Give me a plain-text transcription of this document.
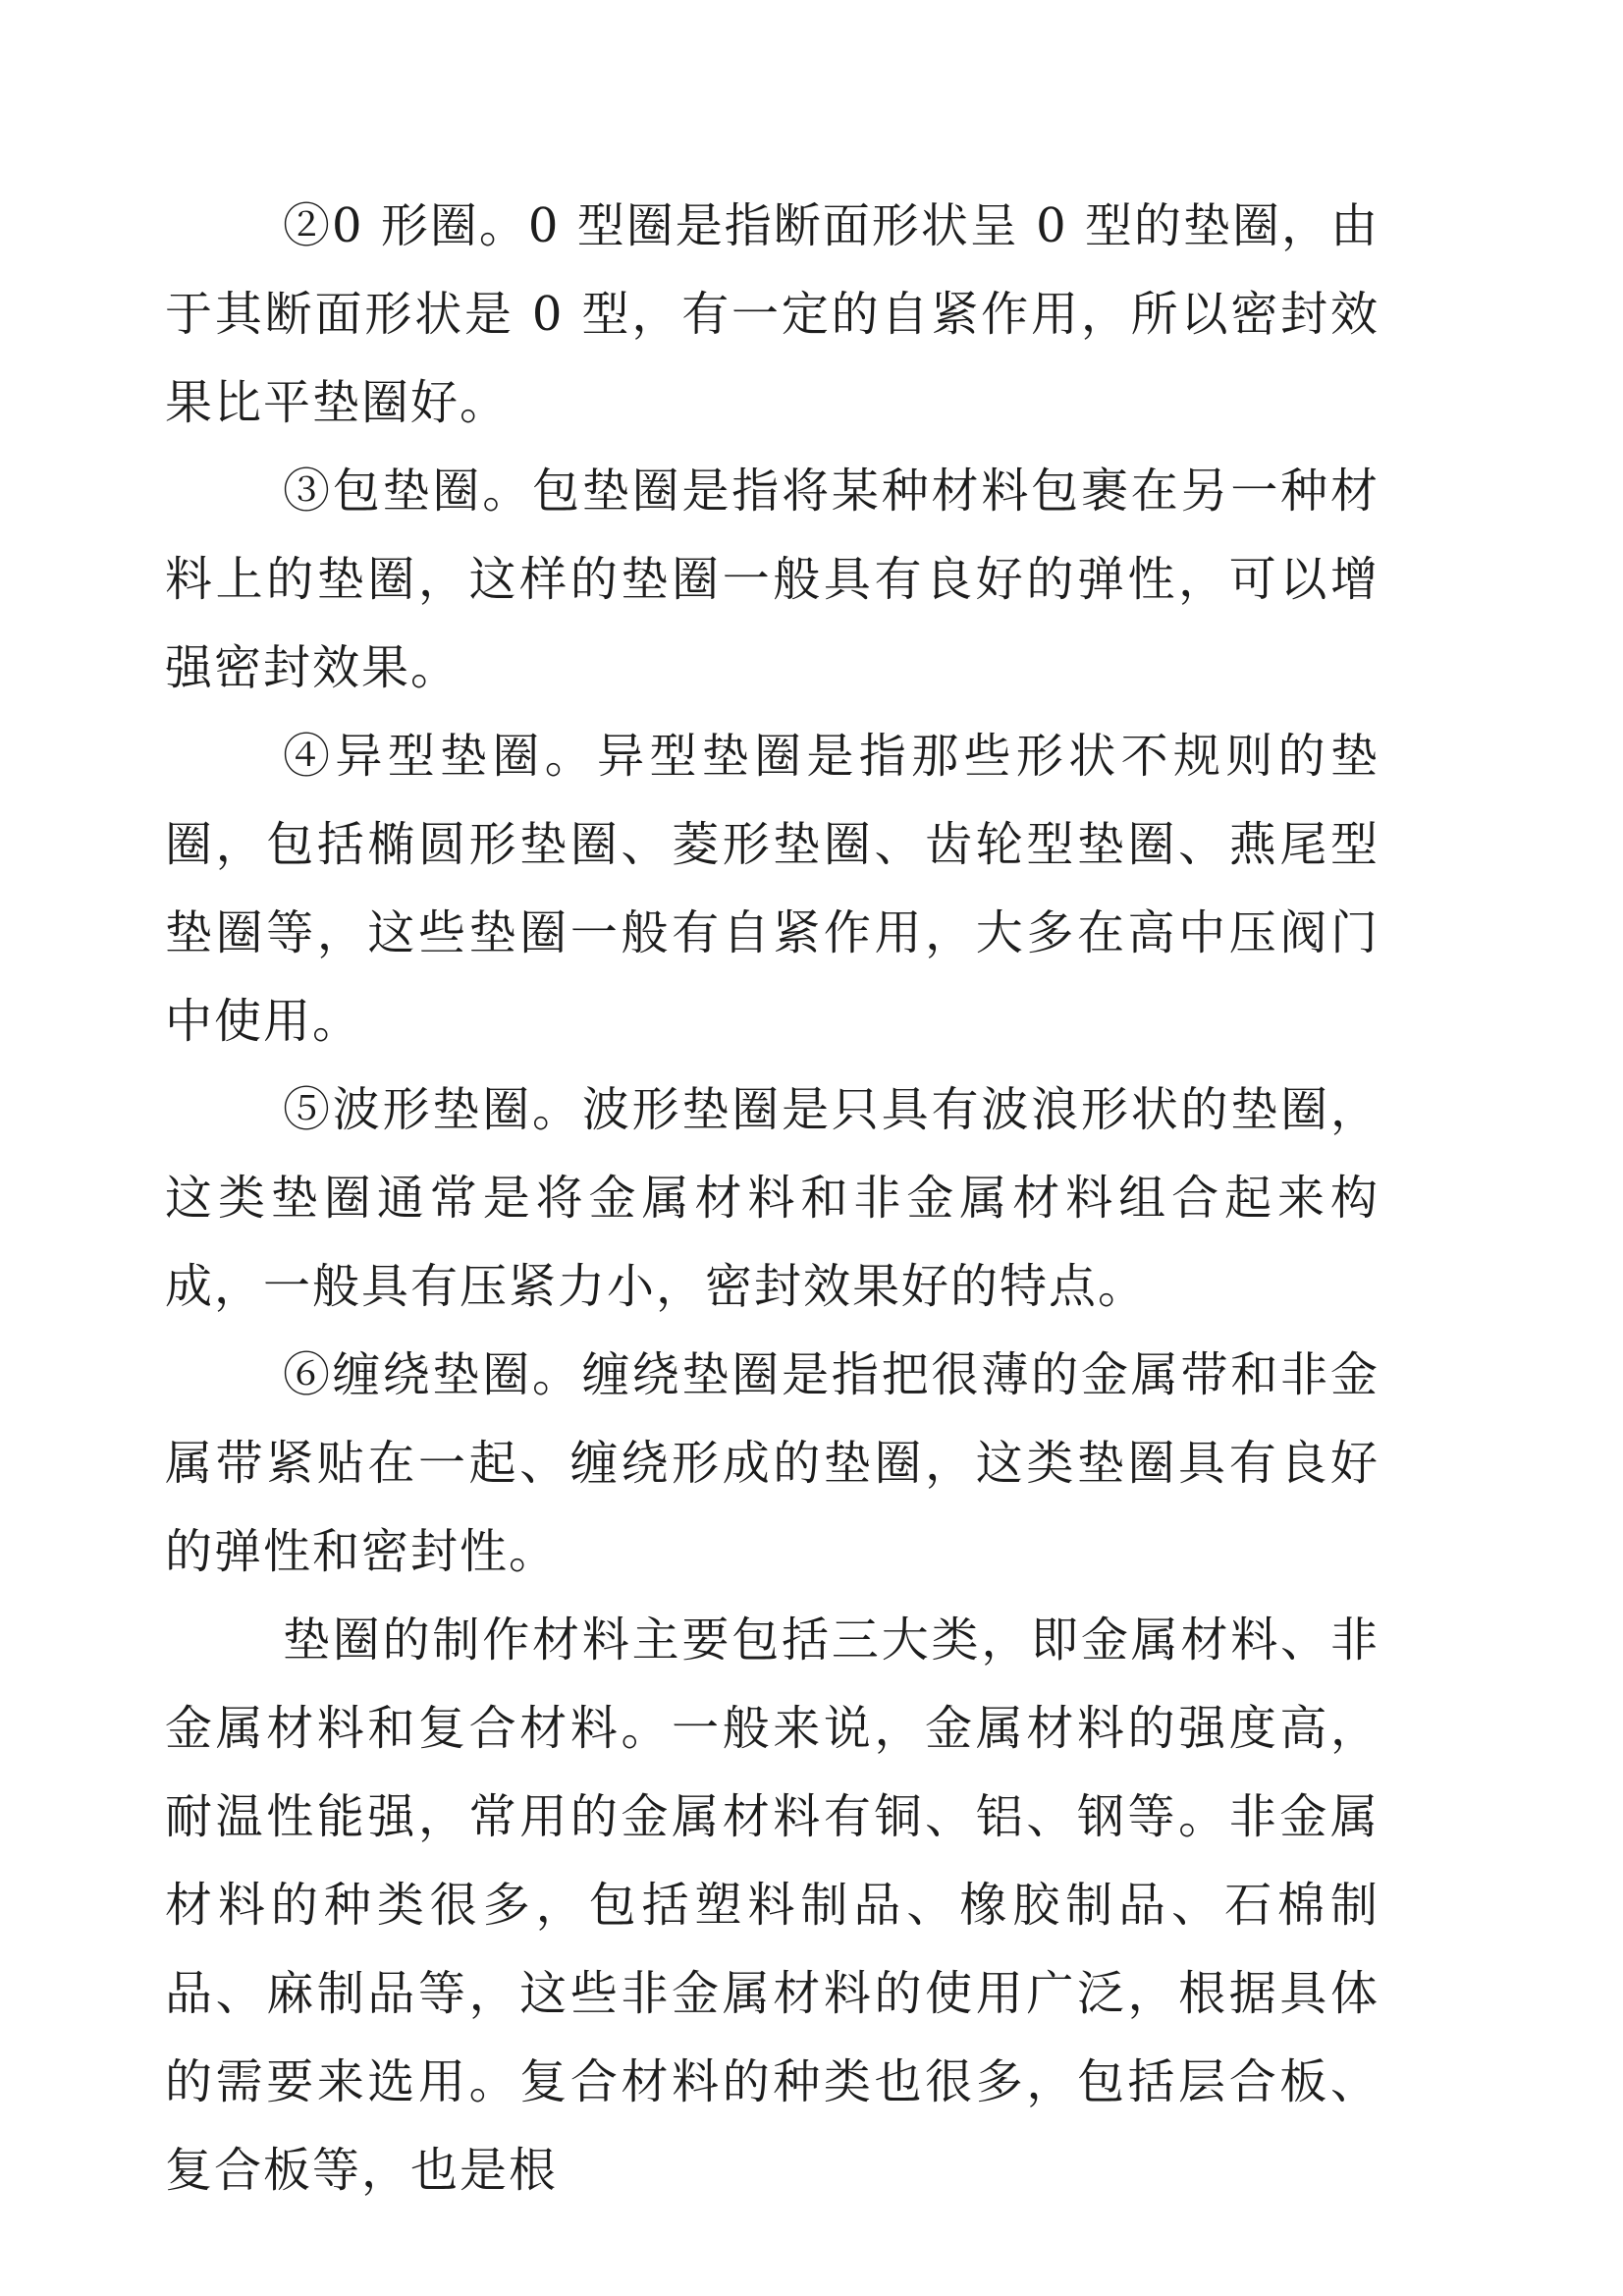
②0 形圈。0 型圈是指断面形状呈 0 型的垫圈，由于其断面形状是 0 型，有一定的自紧作用，所以密封效果比平垫圈好。

③包垫圈。包垫圈是指将某种材料包裹在另一种材料上的垫圈，这样的垫圈一般具有良好的弹性，可以增强密封效果。

④异型垫圈。异型垫圈是指那些形状不规则的垫圈，包括椭圆形垫圈、菱形垫圈、齿轮型垫圈、燕尾型垫圈等，这些垫圈一般有自紧作用，大多在高中压阀门中使用。

⑤波形垫圈。波形垫圈是只具有波浪形状的垫圈，这类垫圈通常是将金属材料和非金属材料组合起来构成，一般具有压紧力小，密封效果好的特点。

⑥缠绕垫圈。缠绕垫圈是指把很薄的金属带和非金属带紧贴在一起、缠绕形成的垫圈，这类垫圈具有良好的弹性和密封性。

垫圈的制作材料主要包括三大类，即金属材料、非金属材料和复合材料。一般来说，金属材料的强度高，耐温性能强，常用的金属材料有铜、铝、钢等。非金属材料的种类很多，包括塑料制品、橡胶制品、石棉制品、麻制品等，这些非金属材料的使用广泛，根据具体的需要来选用。复合材料的种类也很多，包括层合板、复合板等，也是根
